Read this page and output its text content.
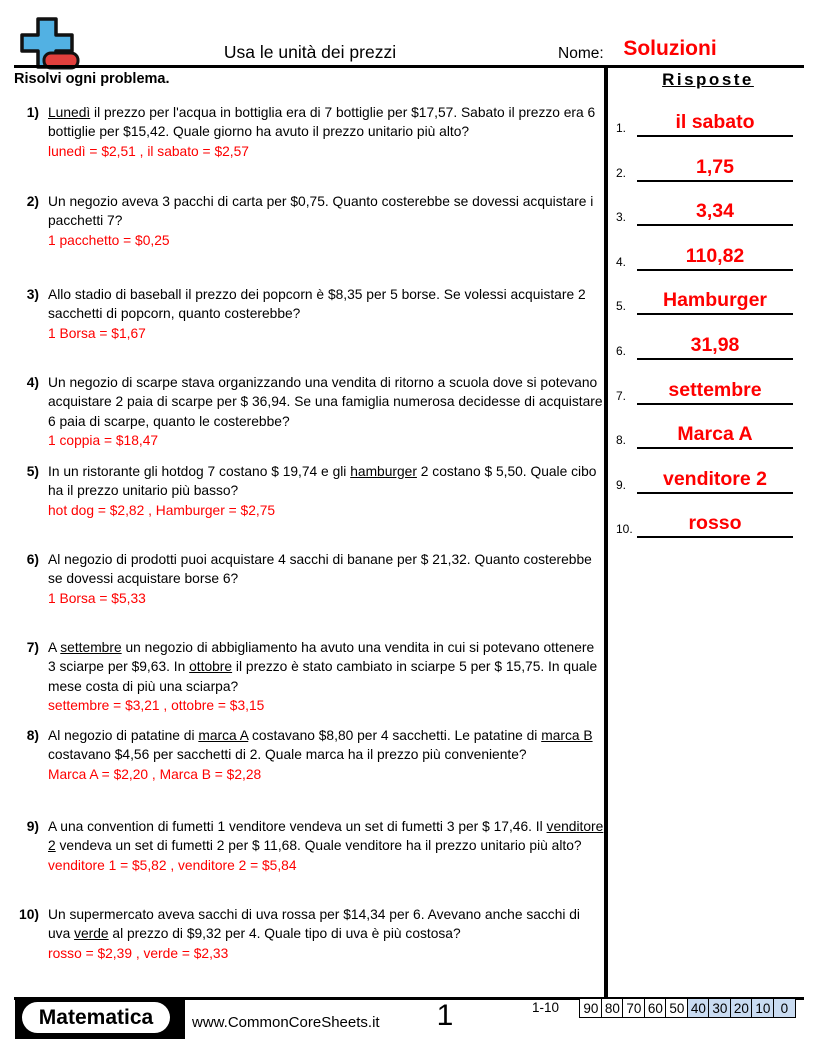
Usa le unità dei prezzi	Nome: Soluzioni
Risolvi ogni problema.	Risposte
1.	il sabato
2.	1,75
3.	3,34
4.	110,82
5.	Hamburger
6.	31,98
7.	settembre
8.	Marca A
9.	venditore 2
10.	rosso
1) Lunedì il prezzo per l'acqua in bottiglia era di 7 bottiglie per $17,57. Sabato il prezzo era 6 bottiglie per $15,42. Quale giorno ha avuto il prezzo unitario più alto?
lunedì = $2,51 , il sabato = $2,57
2) Un negozio aveva 3 pacchi di carta per $0,75. Quanto costerebbe se dovessi acquistare i pacchetti 7?
1 pacchetto = $0,25
3) Allo stadio di baseball il prezzo dei popcorn è $8,35 per 5 borse. Se volessi acquistare 2 sacchetti di popcorn, quanto costerebbe?
1 Borsa = $1,67
4) Un negozio di scarpe stava organizzando una vendita di ritorno a scuola dove si potevano acquistare 2 paia di scarpe per $ 36,94. Se una famiglia numerosa decidesse di acquistare 6 paia di scarpe, quanto le costerebbe?
1 coppia = $18,47
5) In un ristorante gli hotdog 7 costano $ 19,74 e gli hamburger 2 costano $ 5,50. Quale cibo ha il prezzo unitario più basso?
hot dog = $2,82 , Hamburger = $2,75
6) Al negozio di prodotti puoi acquistare 4 sacchi di banane per $ 21,32. Quanto costerebbe se dovessi acquistare borse 6?
1 Borsa = $5,33
7) A settembre un negozio di abbigliamento ha avuto una vendita in cui si potevano ottenere 3 sciarpe per $9,63. In ottobre il prezzo è stato cambiato in sciarpe 5 per $ 15,75. In quale mese costa di più una sciarpa?
settembre = $3,21 , ottobre = $3,15
8) Al negozio di patatine di marca A costavano $8,80 per 4 sacchetti. Le patatine di marca B costavano $4,56 per sacchetti di 2. Quale marca ha il prezzo più conveniente?
Marca A = $2,20 , Marca B = $2,28
9) A una convention di fumetti 1 venditore vendeva un set di fumetti 3 per $ 17,46. Il venditore 2 vendeva un set di fumetti 2 per $ 11,68. Quale venditore ha il prezzo unitario più alto?
venditore 1 = $5,82 , venditore 2 = $5,84
10) Un supermercato aveva sacchi di uva rossa per $14,34 per 6. Avevano anche sacchi di uva verde al prezzo di $9,32 per 4. Quale tipo di uva è più costosa?
rosso = $2,39 , verde = $2,33
Matematica	www.CommonCoreSheets.it	1	1-10	90 80 70 60 50 40 30 20 10 0
